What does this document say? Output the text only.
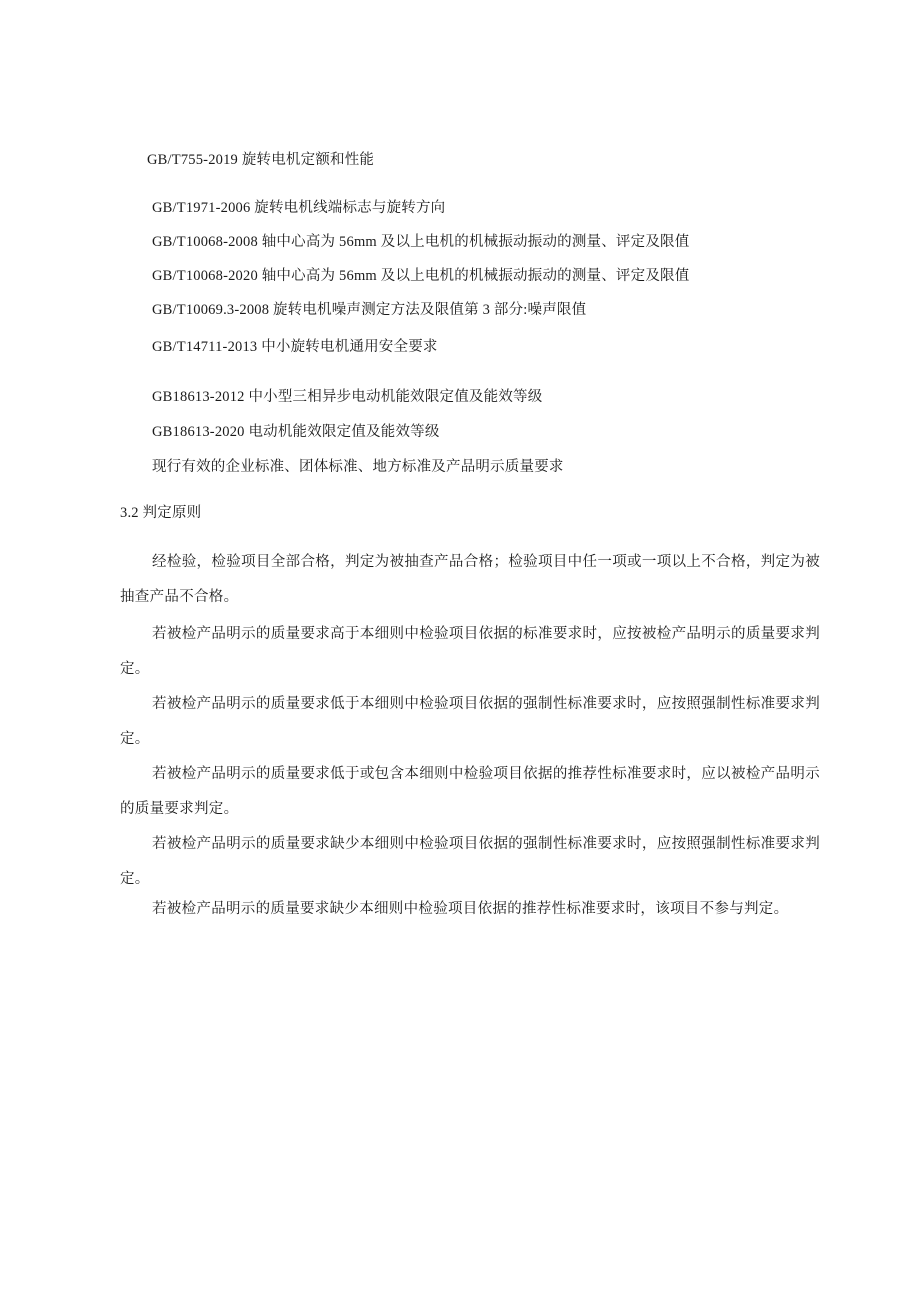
GB/T755-2019 旋转电机定额和性能
GB/T1971-2006 旋转电机线端标志与旋转方向
GB/T10068-2008 轴中心高为 56mm 及以上电机的机械振动振动的测量、评定及限值
GB/T10068-2020 轴中心高为 56mm 及以上电机的机械振动振动的测量、评定及限值
GB/T10069.3-2008 旋转电机噪声测定方法及限值第 3 部分:噪声限值
GB/T14711-2013 中小旋转电机通用安全要求
GB18613-2012 中小型三相异步电动机能效限定值及能效等级
GB18613-2020 电动机能效限定值及能效等级
现行有效的企业标准、团体标准、地方标准及产品明示质量要求
3.2 判定原则
经检验，检验项目全部合格，判定为被抽查产品合格；检验项目中任一项或一项以上不合格，判定为被抽查产品不合格。
若被检产品明示的质量要求高于本细则中检验项目依据的标准要求时，应按被检产品明示的质量要求判定。
若被检产品明示的质量要求低于本细则中检验项目依据的强制性标准要求时，应按照强制性标准要求判定。
若被检产品明示的质量要求低于或包含本细则中检验项目依据的推荐性标准要求时，应以被检产品明示的质量要求判定。
若被检产品明示的质量要求缺少本细则中检验项目依据的强制性标准要求时，应按照强制性标准要求判定。
若被检产品明示的质量要求缺少本细则中检验项目依据的推荐性标准要求时，该项目不参与判定。
